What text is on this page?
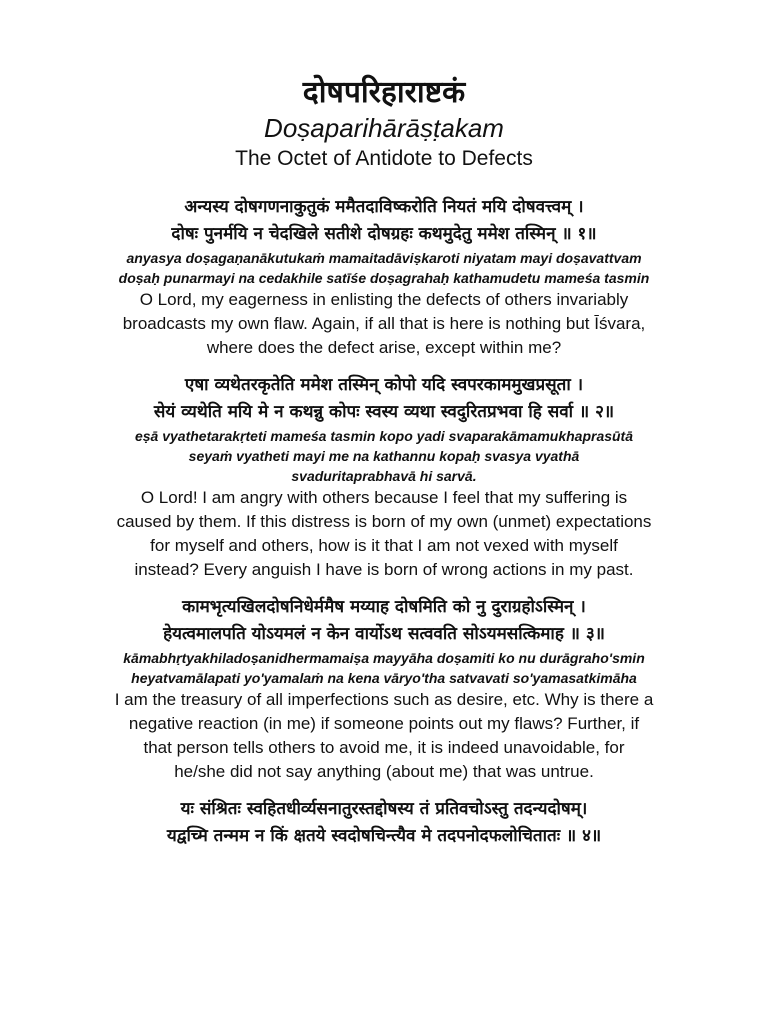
दोषपरिहाराष्टकं
Doṣaparihārāṣṭakam
The Octet of Antidote to Defects
अन्यस्य दोषगणनाकुतुकं ममैतदाविष्करोति नियतं मयि दोषवत्त्वम् ।
दोषः पुनर्मयि न चेदखिले सतीशे दोषग्रहः कथमुदेतु ममेश तस्मिन् ॥ १॥
anyasya doṣagaṇanākutukaṁ mamaitadāviṣkaroti niyatam mayi doṣavattvam
doṣaḥ punarmayi na cedakhile satīśe doṣagrahaḥ kathamudetu mameśa tasmin
O Lord, my eagerness in enlisting the defects of others invariably
broadcasts my own flaw. Again, if all that is here is nothing but Īśvara,
where does the defect arise, except within me?
एषा व्यथेतरकृतेति ममेश तस्मिन् कोपो यदि स्वपरकाममुखप्रसूता ।
सेयं व्यथेति मयि मे न कथन्नु कोपः स्वस्य व्यथा स्वदुरितप्रभवा हि सर्वा ॥ २॥
eṣā vyathetarakṛteti mameśa tasmin kopo yadi svaparakāmamukhaprasūtā
seyaṁ vyatheti mayi me na kathannu kopaḥ svasya vyathā
svaduritaprabhavā hi sarvā.
O Lord! I am angry with others because I feel that my suffering is
caused by them. If this distress is born of my own (unmet) expectations
for myself and others, how is it that I am not vexed with myself
instead? Every anguish I have is born of wrong actions in my past.
कामभृत्यखिलदोषनिधेर्ममैष मय्याह दोषमिति को नु दुराग्रहोऽस्मिन् ।
हेयत्वमालपति योऽयमलं न केन वार्योऽथ सत्ववति सोऽयमसत्किमाह ॥ ३॥
kāmabhṛtyakhiladoṣanidhermamaiṣa mayyāha doṣamiti ko nu durāgraho'smin
heyatvamālapati yo'yamalaṁ na kena vāryo'tha satvavati so'yamasatkimāha
I am the treasury of all imperfections such as desire, etc. Why is there a
negative reaction (in me) if someone points out my flaws? Further, if
that person tells others to avoid me, it is indeed unavoidable, for
he/she did not say anything (about me) that was untrue.
यः संश्रितः स्वहितधीर्व्यसनातुरस्तद्दोषस्य तं प्रतिवचोऽस्तु तदन्यदोषम्।
यद्वच्मि तन्मम न किं क्षतये स्वदोषचिन्त्यैव मे तदपनोदफलोचितातः ॥ ४॥
